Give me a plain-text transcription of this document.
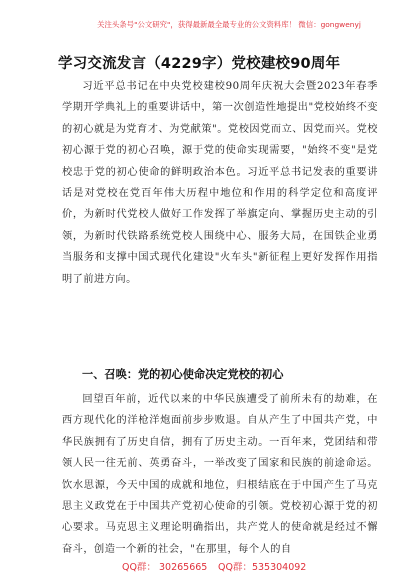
关注头条号"公文研究"，获得最新最全最专业的公文资料库！ 微信：gongwenyj
学习交流发言（4229字）党校建校90周年

习近平总书记在中央党校建校90周年庆祝大会暨2023年春季学期开学典礼上的重要讲话中，第一次创造性地提出"党校始终不变的初心就是为党育才、为党献策"。党校因党而立、因党而兴。党校初心源于党的初心召唤，源于党的使命实现需要，"始终不变"是党校忠于党的初心使命的鲜明政治本色。习近平总书记发表的重要讲话是对党校在党百年伟大历程中地位和作用的科学定位和高度评价，为新时代党校人做好工作发挥了举旗定向、掌握历史主动的引领，为新时代铁路系统党校人围绕中心、服务大局，在国铁企业勇当服务和支撑中国式现代化建设"火车头"新征程上更好发挥作用指明了前进方向。

一、召唤：党的初心使命决定党校的初心

回望百年前，近代以来的中华民族遭受了前所未有的劫难，在西方现代化的洋枪洋炮面前步步败退。自从产生了中国共产党，中华民族拥有了历史自信，拥有了历史主动。一百年来，党团结和带领人民一往无前、英勇奋斗，一举改变了国家和民族的前途命运。饮水思源，今天中国的成就和地位，归根结底在于中国产生了马克思主义政党在于中国共产党初心使命的引领。党校初心源于党的初心要求。马克思主义理论明确指出，共产党人的使命就是经过不懈奋斗，创造一个新的社会，"在那里，每个人的自

QQ群： 30265665 QQ群：535304092
